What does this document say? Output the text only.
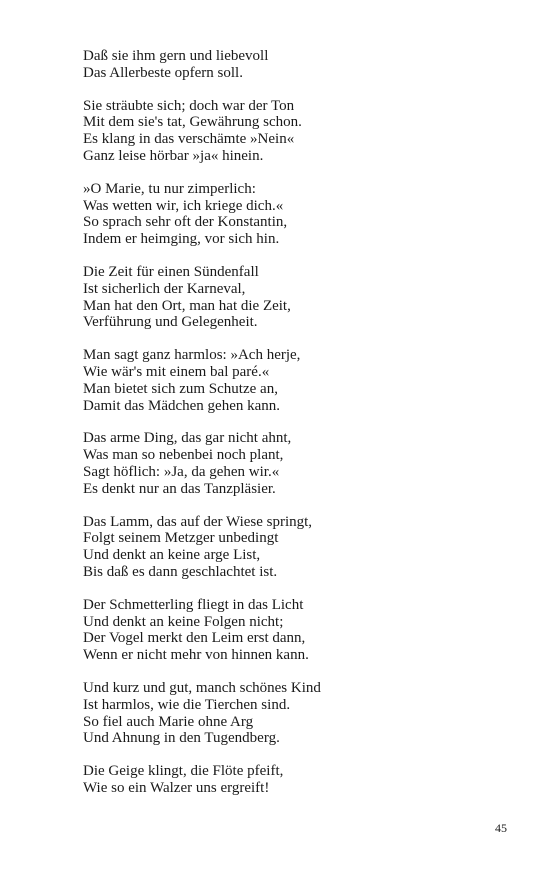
Daß sie ihm gern und liebevoll
Das Allerbeste opfern soll.
Sie sträubte sich; doch war der Ton
Mit dem sie's tat, Gewährung schon.
Es klang in das verschämte »Nein«
Ganz leise hörbar »ja« hinein.
»O Marie, tu nur zimperlich:
Was wetten wir, ich kriege dich.«
So sprach sehr oft der Konstantin,
Indem er heimging, vor sich hin.
Die Zeit für einen Sündenfall
Ist sicherlich der Karneval,
Man hat den Ort, man hat die Zeit,
Verführung und Gelegenheit.
Man sagt ganz harmlos: »Ach herje,
Wie wär's mit einem bal paré.«
Man bietet sich zum Schutze an,
Damit das Mädchen gehen kann.
Das arme Ding, das gar nicht ahnt,
Was man so nebenbei noch plant,
Sagt höflich: »Ja, da gehen wir.«
Es denkt nur an das Tanzpläsier.
Das Lamm, das auf der Wiese springt,
Folgt seinem Metzger unbedingt
Und denkt an keine arge List,
Bis daß es dann geschlachtet ist.
Der Schmetterling fliegt in das Licht
Und denkt an keine Folgen nicht;
Der Vogel merkt den Leim erst dann,
Wenn er nicht mehr von hinnen kann.
Und kurz und gut, manch schönes Kind
Ist harmlos, wie die Tierchen sind.
So fiel auch Marie ohne Arg
Und Ahnung in den Tugendberg.
Die Geige klingt, die Flöte pfeift,
Wie so ein Walzer uns ergreift!
45
